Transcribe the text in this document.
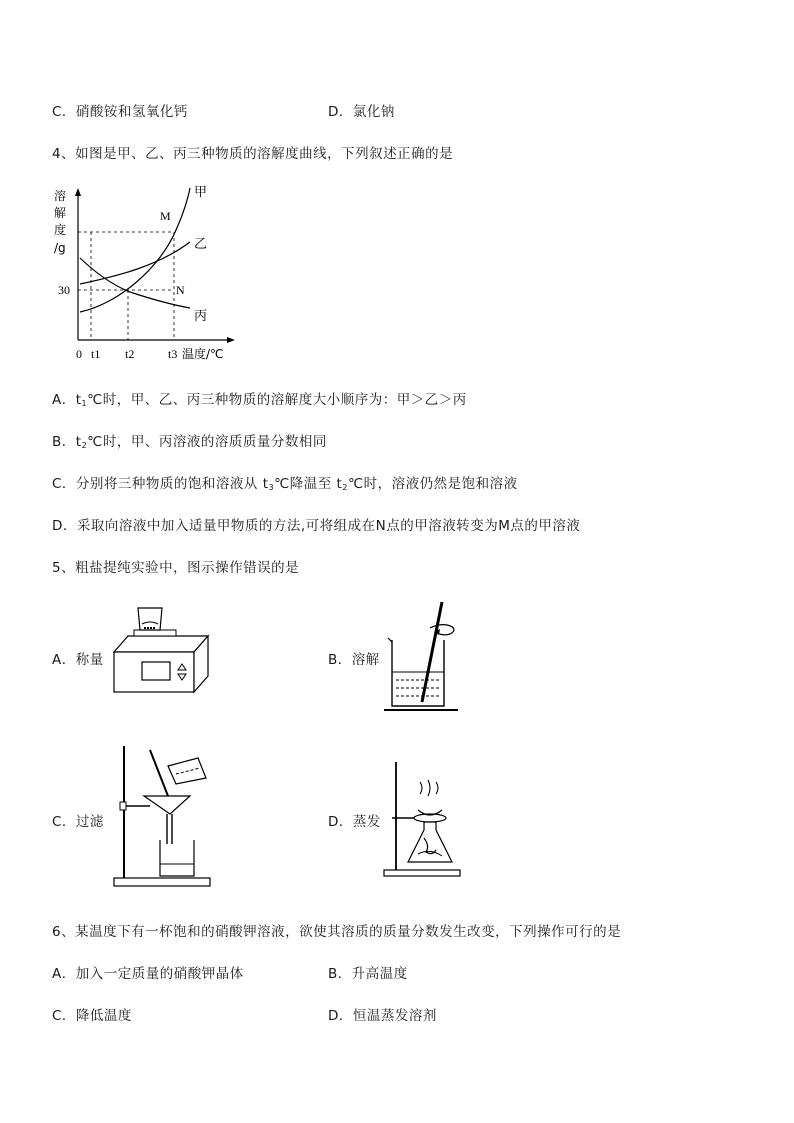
C．硝酸铵和氢氧化钙	D．氯化钠
4、如图是甲、乙、丙三种物质的溶解度曲线，下列叙述正确的是
溶
解
度
/g
30
0 t1 t2	t3 温度/℃
甲
乙
丙
M
N
A．$t_1℃$时，甲、乙、丙三种物质的溶解度大小顺序为：甲＞乙＞丙
B．$t_2℃$时，甲、丙溶液的溶质质量分数相同
C．分别将三种物质的饱和溶液从 $t_3℃$降温至 $t_2℃$时，溶液仍然是饱和溶液
D．采取向溶液中加入适量甲物质的方法,可将组成在N点的甲溶液转变为M点的甲溶液
5、粗盐提纯实验中，图示操作错误的是
A．称量	B．溶解
C．过滤	D．蒸发
6、某温度下有一杯饱和的硝酸钾溶液，欲使其溶质的质量分数发生改变，下列操作可行的是
A．加入一定质量的硝酸钾晶体	B．升高温度
C．降低温度	D．恒温蒸发溶剂
